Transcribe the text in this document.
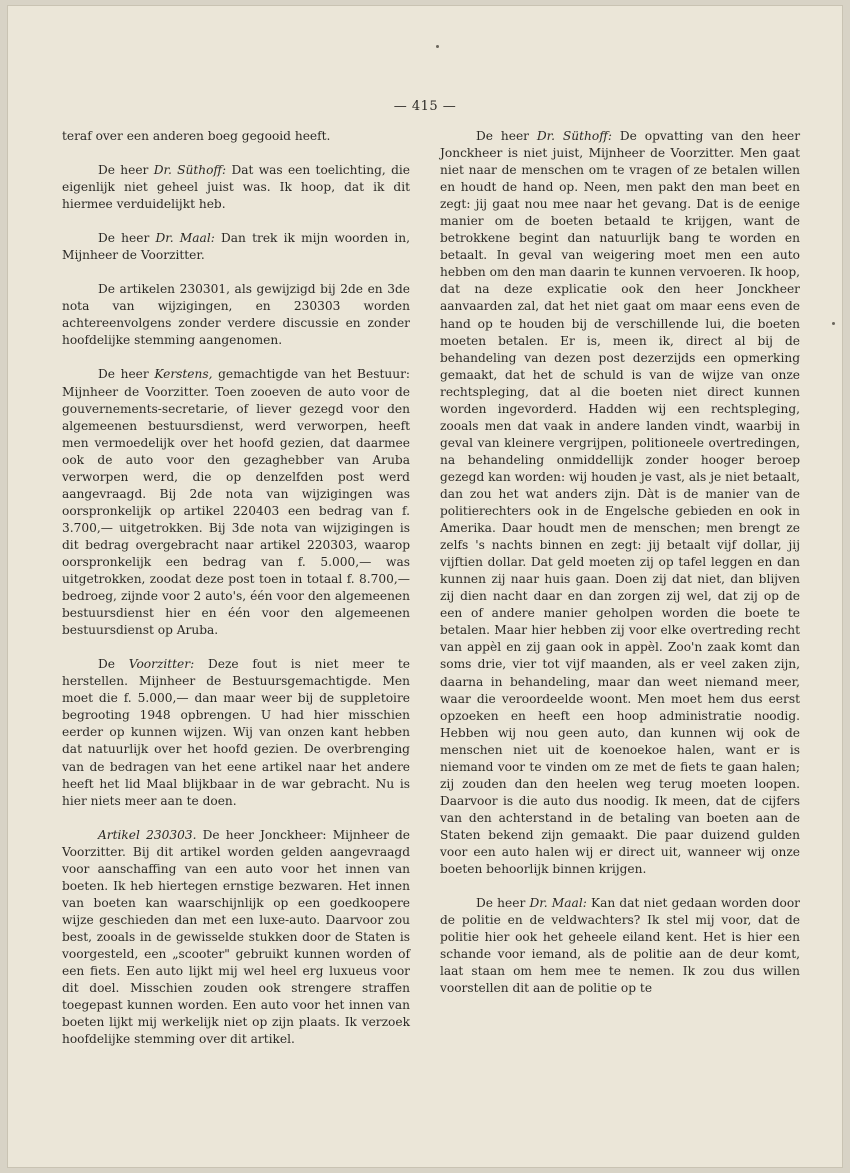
— 415 —

teraf over een anderen boeg gegooid heeft.

De heer Dr. Süthoff: Dat was een toelichting, die eigenlijk niet geheel juist was. Ik hoop, dat ik dit hiermee verduidelijkt heb.

De heer Dr. Maal: Dan trek ik mijn woorden in, Mijnheer de Voorzitter.

De artikelen 230301, als gewijzigd bij 2de en 3de nota van wijzigingen, en 230303 worden achtereenvolgens zonder verdere discussie en zonder hoofdelijke stemming aangenomen.

De heer Kerstens, gemachtigde van het Bestuur: Mijnheer de Voorzitter. Toen zooeven de auto voor de gouvernements-secretarie, of liever gezegd voor den algemeenen bestuursdienst, werd verworpen, heeft men vermoedelijk over het hoofd gezien, dat daarmee ook de auto voor den gezaghebber van Aruba verworpen werd, die op denzelfden post werd aangevraagd. Bij 2de nota van wijzigingen was oorspronkelijk op artikel 220403 een bedrag van f. 3.700,— uitgetrokken. Bij 3de nota van wijzigingen is dit bedrag overgebracht naar artikel 220303, waarop oorspronkelijk een bedrag van f. 5.000,— was uitgetrokken, zoodat deze post toen in totaal f. 8.700,— bedroeg, zijnde voor 2 auto's, één voor den algemeenen bestuursdienst hier en één voor den algemeenen bestuursdienst op Aruba.

De Voorzitter: Deze fout is niet meer te herstellen. Mijnheer de Bestuursgemachtigde. Men moet die f. 5.000,— dan maar weer bij de suppletoire begrooting 1948 opbrengen. U had hier misschien eerder op kunnen wijzen. Wij van onzen kant hebben dat natuurlijk over het hoofd gezien. De overbrenging van de bedragen van het eene artikel naar het andere heeft het lid Maal blijkbaar in de war gebracht. Nu is hier niets meer aan te doen.

Artikel 230303. De heer Jonckheer: Mijnheer de Voorzitter. Bij dit artikel worden gelden aangevraagd voor aanschaffing van een auto voor het innen van boeten. Ik heb hiertegen ernstige bezwaren. Het innen van boeten kan waarschijnlijk op een goedkoopere wijze geschieden dan met een luxe-auto. Daarvoor zou best, zooals in de gewisselde stukken door de Staten is voorgesteld, een „scooter" gebruikt kunnen worden of een fiets. Een auto lijkt mij wel heel erg luxueus voor dit doel. Misschien zouden ook strengere straffen toegepast kunnen worden. Een auto voor het innen van boeten lijkt mij werkelijk niet op zijn plaats. Ik verzoek hoofdelijke stemming over dit artikel.

De heer Dr. Süthoff: De opvatting van den heer Jonckheer is niet juist, Mijnheer de Voorzitter. Men gaat niet naar de menschen om te vragen of ze betalen willen en houdt de hand op. Neen, men pakt den man beet en zegt: jij gaat nou mee naar het gevang. Dat is de eenige manier om de boeten betaald te krijgen, want de betrokkene begint dan natuurlijk bang te worden en betaalt. In geval van weigering moet men een auto hebben om den man daarin te kunnen vervoeren. Ik hoop, dat na deze explicatie ook den heer Jonckheer aanvaarden zal, dat het niet gaat om maar eens even de hand op te houden bij de verschillende lui, die boeten moeten betalen. Er is, meen ik, direct al bij de behandeling van dezen post dezerzijds een opmerking gemaakt, dat het de schuld is van de wijze van onze rechtspleging, dat al die boeten niet direct kunnen worden ingevorderd. Hadden wij een rechtspleging, zooals men dat vaak in andere landen vindt, waarbij in geval van kleinere vergrijpen, politioneele overtredingen, na behandeling onmiddellijk zonder hooger beroep gezegd kan worden: wij houden je vast, als je niet betaalt, dan zou het wat anders zijn. Dàt is de manier van de politierechters ook in de Engelsche gebieden en ook in Amerika. Daar houdt men de menschen; men brengt ze zelfs 's nachts binnen en zegt: jij betaalt vijf dollar, jij vijftien dollar. Dat geld moeten zij op tafel leggen en dan kunnen zij naar huis gaan. Doen zij dat niet, dan blijven zij dien nacht daar en dan zorgen zij wel, dat zij op de een of andere manier geholpen worden die boete te betalen. Maar hier hebben zij voor elke overtreding recht van appèl en zij gaan ook in appèl. Zoo'n zaak komt dan soms drie, vier tot vijf maanden, als er veel zaken zijn, daarna in behandeling, maar dan weet niemand meer, waar die veroordeelde woont. Men moet hem dus eerst opzoeken en heeft een hoop administratie noodig. Hebben wij nou geen auto, dan kunnen wij ook de menschen niet uit de koenoekoe halen, want er is niemand voor te vinden om ze met de fiets te gaan halen; zij zouden dan den heelen weg terug moeten loopen. Daarvoor is die auto dus noodig. Ik meen, dat de cijfers van den achterstand in de betaling van boeten aan de Staten bekend zijn gemaakt. Die paar duizend gulden voor een auto halen wij er direct uit, wanneer wij onze boeten behoorlijk binnen krijgen.

De heer Dr. Maal: Kan dat niet gedaan worden door de politie en de veldwachters? Ik stel mij voor, dat de politie hier ook het geheele eiland kent. Het is hier een schande voor iemand, als de politie aan de deur komt, laat staan om hem mee te nemen. Ik zou dus willen voorstellen dit aan de politie op te
